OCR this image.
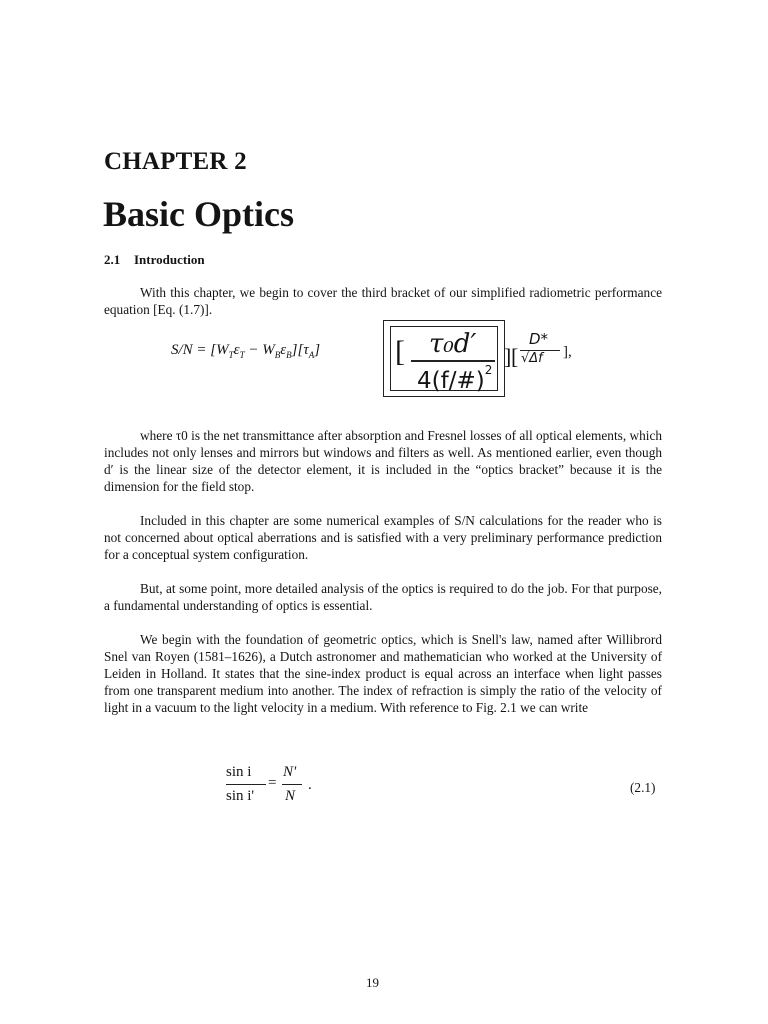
CHAPTER 2
Basic Optics
2.1 Introduction

With this chapter, we begin to cover the third bracket of our simplified radiometric performance equation [Eq. (1.7)].

$S/N = [W_T\varepsilon_T - W_B\varepsilon_B][\tau_A]$ [ τ₀d′
4(f/#)$^2$
] [
D*
√Δf ],

where τ0 is the net transmittance after absorption and Fresnel losses of all optical elements, which includes not only lenses and mirrors but windows and filters as well. As mentioned earlier, even though d′ is the linear size of the detector element, it is included in the “optics bracket” because it is the dimension for the field stop.

Included in this chapter are some numerical examples of S/N calculations for the reader who is not concerned about optical aberrations and is satisfied with a very preliminary performance prediction for a conceptual system configuration.

But, at some point, more detailed analysis of the optics is required to do the job. For that purpose, a fundamental understanding of optics is essential.

We begin with the foundation of geometric optics, which is Snell's law, named after Willibrord Snel van Royen (1581–1626), a Dutch astronomer and mathematician who worked at the University of Leiden in Holland. It states that the sine-index product is equal across an interface when light passes from one transparent medium into another. The index of refraction is simply the ratio of the velocity of light in a vacuum to the light velocity in a medium. With reference to Fig. 2.1 we can write

sin i
sin i'
=
N'
N
.	(2.1)
19
